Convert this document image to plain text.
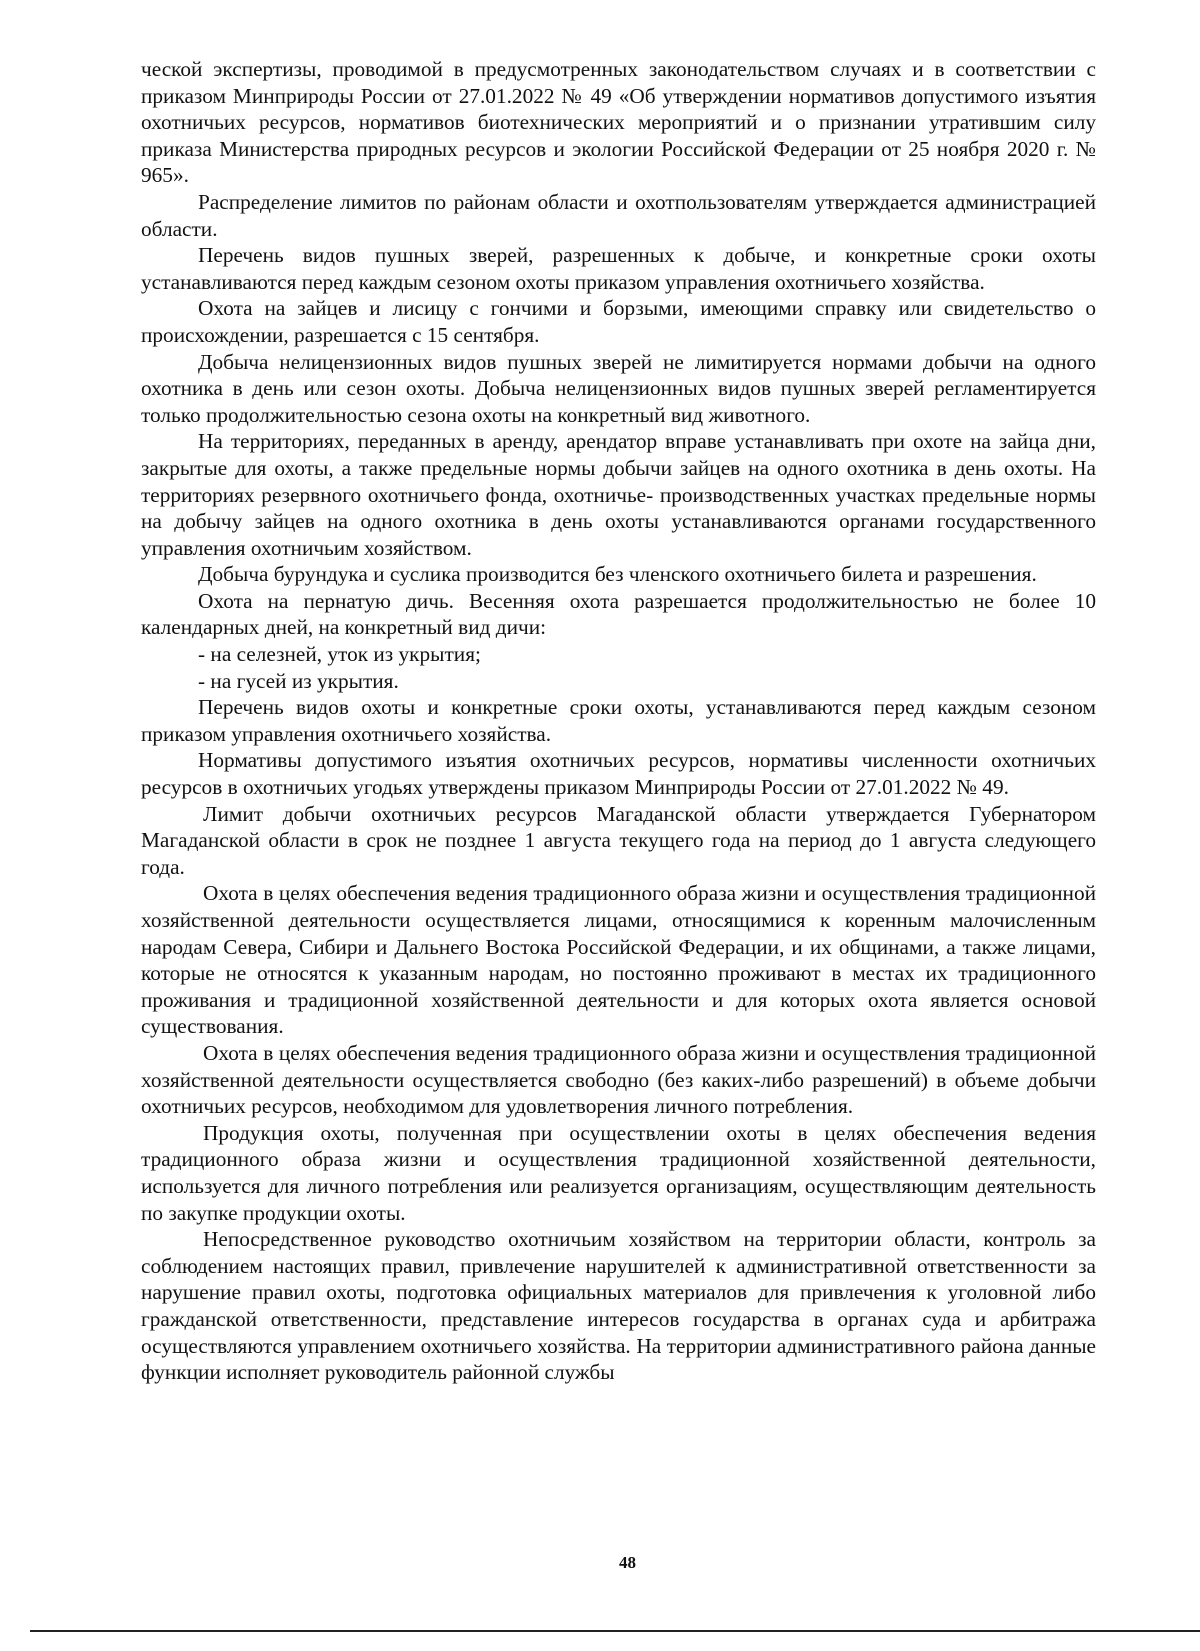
ческой экспертизы, проводимой в предусмотренных законодательством случаях и в соответствии с приказом Минприроды России от 27.01.2022 № 49 «Об утверждении нормативов допустимого изъятия охотничьих ресурсов, нормативов биотехнических мероприятий и о признании утратившим силу приказа Министерства природных ресурсов и экологии Российской Федерации от 25 ноября 2020 г. № 965».

Распределение лимитов по районам области и охотпользователям утверждается администрацией области.

Перечень видов пушных зверей, разрешенных к добыче, и конкретные сроки охоты устанавливаются перед каждым сезоном охоты приказом управления охотничьего хозяйства.

Охота на зайцев и лисицу с гончими и борзыми, имеющими справку или свидетельство о происхождении, разрешается с 15 сентября.

Добыча нелицензионных видов пушных зверей не лимитируется нормами добычи на одного охотника в день или сезон охоты. Добыча нелицензионных видов пушных зверей регламентируется только продолжительностью сезона охоты на конкретный вид животного.

На территориях, переданных в аренду, арендатор вправе устанавливать при охоте на зайца дни, закрытые для охоты, а также предельные нормы добычи зайцев на одного охотника в день охоты. На территориях резервного охотничьего фонда, охотничье- производственных участках предельные нормы на добычу зайцев на одного охотника в день охоты устанавливаются органами государственного управления охотничьим хозяйством.

Добыча бурундука и суслика производится без членского охотничьего билета и разрешения.

Охота на пернатую дичь. Весенняя охота разрешается продолжительностью не более 10 календарных дней, на конкретный вид дичи:

- на селезней, уток из укрытия;

- на гусей из укрытия.

Перечень видов охоты и конкретные сроки охоты, устанавливаются перед каждым сезоном приказом управления охотничьего хозяйства.

Нормативы допустимого изъятия охотничьих ресурсов, нормативы численности охотничьих ресурсов в охотничьих угодьях утверждены приказом Минприроды России от 27.01.2022 № 49.

Лимит добычи охотничьих ресурсов Магаданской области утверждается Губернатором Магаданской области в срок не позднее 1 августа текущего года на период до 1 августа следующего года.

Охота в целях обеспечения ведения традиционного образа жизни и осуществления традиционной хозяйственной деятельности осуществляется лицами, относящимися к коренным малочисленным народам Севера, Сибири и Дальнего Востока Российской Федерации, и их общинами, а также лицами, которые не относятся к указанным народам, но постоянно проживают в местах их традиционного проживания и традиционной хозяйственной деятельности и для которых охота является основой существования.

Охота в целях обеспечения ведения традиционного образа жизни и осуществления традиционной хозяйственной деятельности осуществляется свободно (без каких-либо разрешений) в объеме добычи охотничьих ресурсов, необходимом для удовлетворения личного потребления.

Продукция охоты, полученная при осуществлении охоты в целях обеспечения ведения традиционного образа жизни и осуществления традиционной хозяйственной деятельности, используется для личного потребления или реализуется организациям, осуществляющим деятельность по закупке продукции охоты.

Непосредственное руководство охотничьим хозяйством на территории области, контроль за соблюдением настоящих правил, привлечение нарушителей к административной ответственности за нарушение правил охоты, подготовка официальных материалов для привлечения к уголовной либо гражданской ответственности, представление интересов государства в органах суда и арбитража осуществляются управлением охотничьего хозяйства. На территории административного района данные функции исполняет руководитель районной службы

48
